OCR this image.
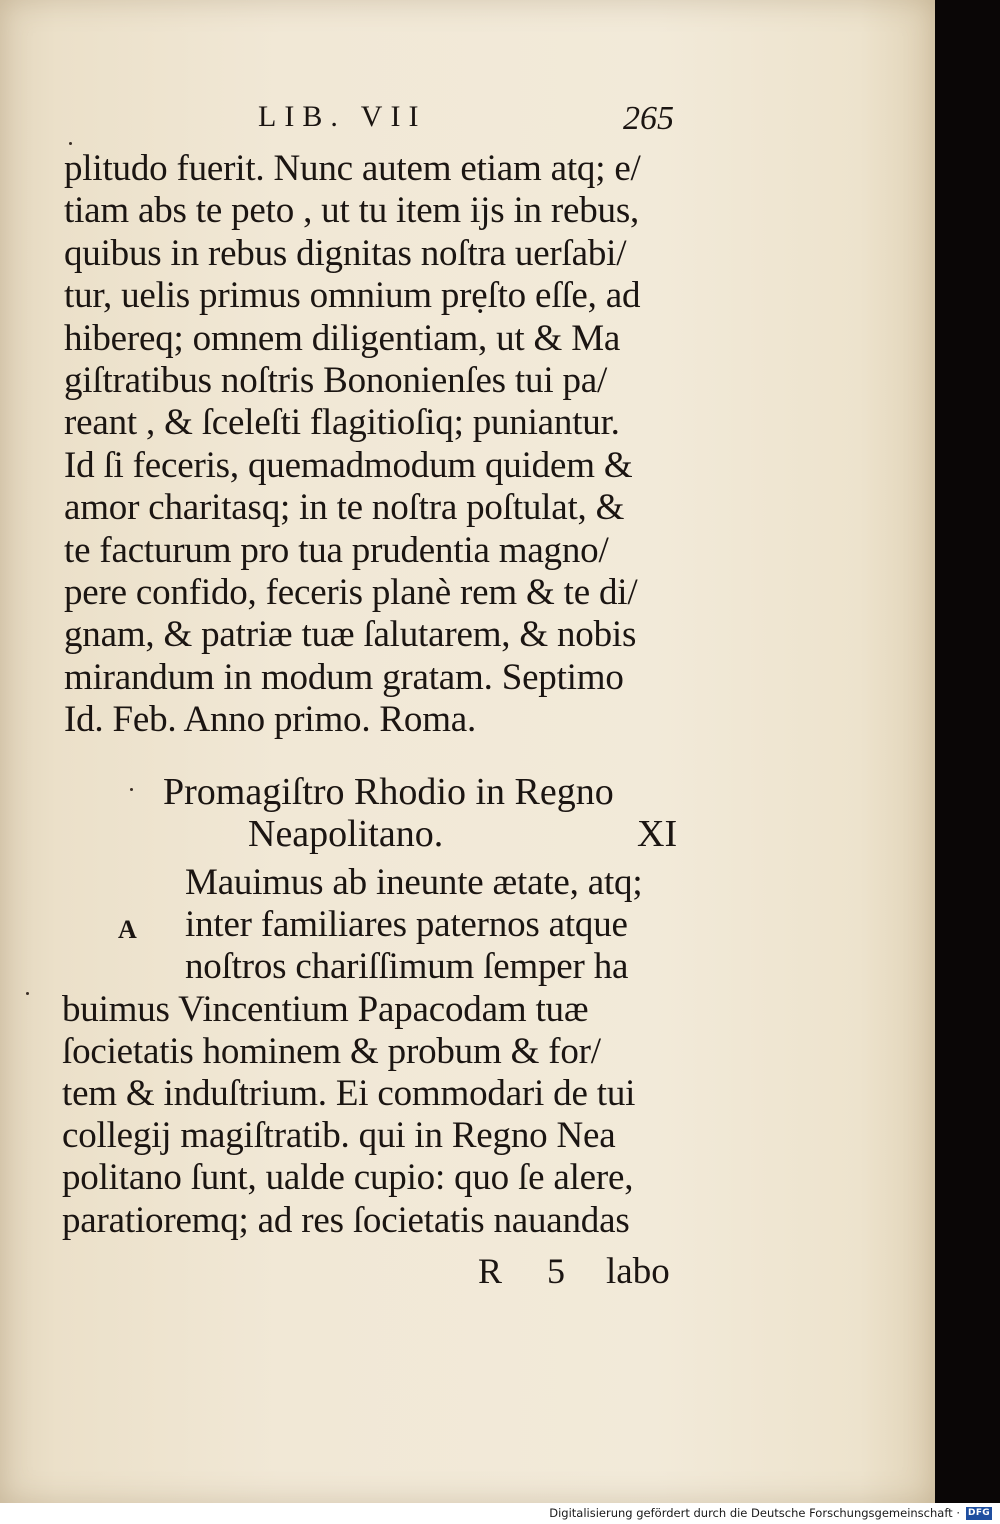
LIB. VII	265

plitudo fuerit. Nunc autem etiam atq; e/

tiam abs te peto , ut tu item ijs in rebus,

quibus in rebus dignitas noſtra uerſabi/

tur, uelis primus omnium prẹſto eſſe, ad

hibereq; omnem diligentiam, ut & Ma

giſtratibus noſtris Bononienſes tui pa/

reant , & ſceleſti flagitioſiq; puniantur.

Id ſi feceris, quemadmodum quidem &

amor charitasq; in te noſtra poſtulat, &

te facturum pro tua prudentia magno/

pere confido, feceris planè rem & te di/

gnam, & patriæ tuæ ſalutarem, & nobis

mirandum in modum gratam. Septimo

Id. Feb. Anno primo. Roma.

Promagiſtro Rhodio in Regno

Neapolitano.	XI

A

Mauimus ab ineunte ætate, atq;

inter familiares paternos atque

noſtros chariſſimum ſemper ha

buimus Vincentium Papacodam tuæ

ſocietatis hominem & probum & for/

tem & induſtrium. Ei commodari de tui

collegij magiſtratib. qui in Regno Nea

politano ſunt, ualde cupio: quo ſe alere,

paratioremq; ad res ſocietatis nauandas

R 5 labo
Digitalisierung gefördert durch die Deutsche Forschungsgemeinschaft · DFG
